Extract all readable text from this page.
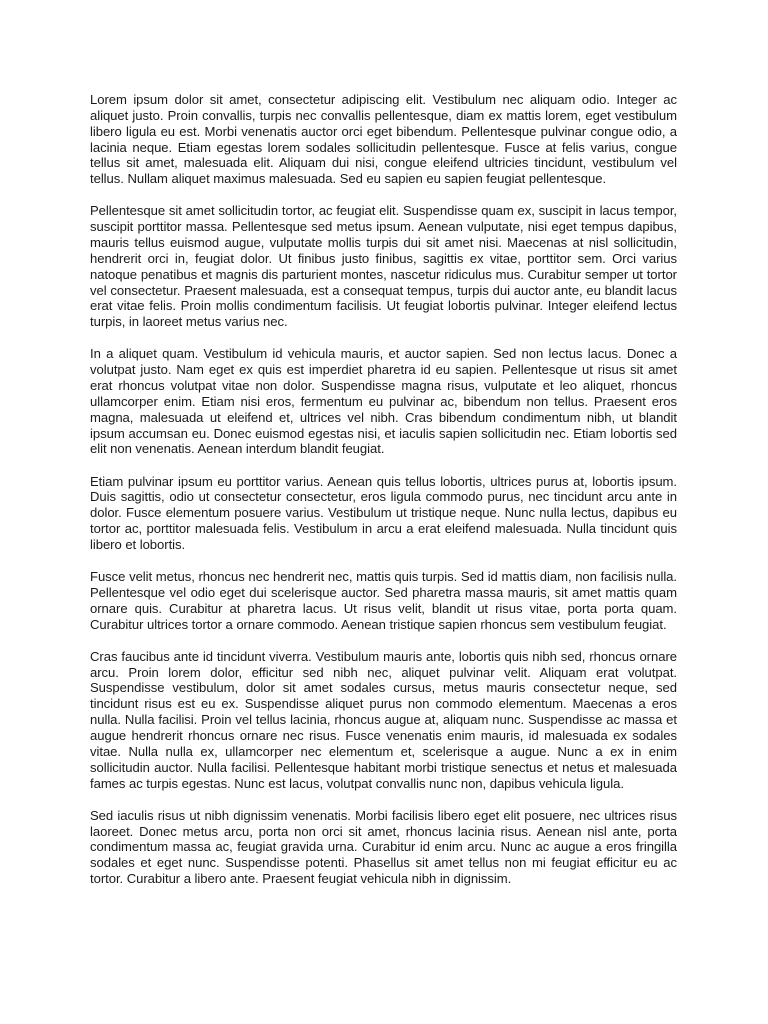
Lorem ipsum dolor sit amet, consectetur adipiscing elit. Vestibulum nec aliquam odio. Integer ac aliquet justo. Proin convallis, turpis nec convallis pellentesque, diam ex mattis lorem, eget vestibulum libero ligula eu est. Morbi venenatis auctor orci eget bibendum. Pellentesque pulvinar congue odio, a lacinia neque. Etiam egestas lorem sodales sollicitudin pellentesque. Fusce at felis varius, congue tellus sit amet, malesuada elit. Aliquam dui nisi, congue eleifend ultricies tincidunt, vestibulum vel tellus. Nullam aliquet maximus malesuada. Sed eu sapien eu sapien feugiat pellentesque.

Pellentesque sit amet sollicitudin tortor, ac feugiat elit. Suspendisse quam ex, suscipit in lacus tempor, suscipit porttitor massa. Pellentesque sed metus ipsum. Aenean vulputate, nisi eget tempus dapibus, mauris tellus euismod augue, vulputate mollis turpis dui sit amet nisi. Maecenas at nisl sollicitudin, hendrerit orci in, feugiat dolor. Ut finibus justo finibus, sagittis ex vitae, porttitor sem. Orci varius natoque penatibus et magnis dis parturient montes, nascetur ridiculus mus. Curabitur semper ut tortor vel consectetur. Praesent malesuada, est a consequat tempus, turpis dui auctor ante, eu blandit lacus erat vitae felis. Proin mollis condimentum facilisis. Ut feugiat lobortis pulvinar. Integer eleifend lectus turpis, in laoreet metus varius nec.

In a aliquet quam. Vestibulum id vehicula mauris, et auctor sapien. Sed non lectus lacus. Donec a volutpat justo. Nam eget ex quis est imperdiet pharetra id eu sapien. Pellentesque ut risus sit amet erat rhoncus volutpat vitae non dolor. Suspendisse magna risus, vulputate et leo aliquet, rhoncus ullamcorper enim. Etiam nisi eros, fermentum eu pulvinar ac, bibendum non tellus. Praesent eros magna, malesuada ut eleifend et, ultrices vel nibh. Cras bibendum condimentum nibh, ut blandit ipsum accumsan eu. Donec euismod egestas nisi, et iaculis sapien sollicitudin nec. Etiam lobortis sed elit non venenatis. Aenean interdum blandit feugiat.

Etiam pulvinar ipsum eu porttitor varius. Aenean quis tellus lobortis, ultrices purus at, lobortis ipsum. Duis sagittis, odio ut consectetur consectetur, eros ligula commodo purus, nec tincidunt arcu ante in dolor. Fusce elementum posuere varius. Vestibulum ut tristique neque. Nunc nulla lectus, dapibus eu tortor ac, porttitor malesuada felis. Vestibulum in arcu a erat eleifend malesuada. Nulla tincidunt quis libero et lobortis.

Fusce velit metus, rhoncus nec hendrerit nec, mattis quis turpis. Sed id mattis diam, non facilisis nulla. Pellentesque vel odio eget dui scelerisque auctor. Sed pharetra massa mauris, sit amet mattis quam ornare quis. Curabitur at pharetra lacus. Ut risus velit, blandit ut risus vitae, porta porta quam. Curabitur ultrices tortor a ornare commodo. Aenean tristique sapien rhoncus sem vestibulum feugiat.

Cras faucibus ante id tincidunt viverra. Vestibulum mauris ante, lobortis quis nibh sed, rhoncus ornare arcu. Proin lorem dolor, efficitur sed nibh nec, aliquet pulvinar velit. Aliquam erat volutpat. Suspendisse vestibulum, dolor sit amet sodales cursus, metus mauris consectetur neque, sed tincidunt risus est eu ex. Suspendisse aliquet purus non commodo elementum. Maecenas a eros nulla. Nulla facilisi. Proin vel tellus lacinia, rhoncus augue at, aliquam nunc. Suspendisse ac massa et augue hendrerit rhoncus ornare nec risus. Fusce venenatis enim mauris, id malesuada ex sodales vitae. Nulla nulla ex, ullamcorper nec elementum et, scelerisque a augue. Nunc a ex in enim sollicitudin auctor. Nulla facilisi. Pellentesque habitant morbi tristique senectus et netus et malesuada fames ac turpis egestas. Nunc est lacus, volutpat convallis nunc non, dapibus vehicula ligula.

Sed iaculis risus ut nibh dignissim venenatis. Morbi facilisis libero eget elit posuere, nec ultrices risus laoreet. Donec metus arcu, porta non orci sit amet, rhoncus lacinia risus. Aenean nisl ante, porta condimentum massa ac, feugiat gravida urna. Curabitur id enim arcu. Nunc ac augue a eros fringilla sodales et eget nunc. Suspendisse potenti. Phasellus sit amet tellus non mi feugiat efficitur eu ac tortor. Curabitur a libero ante. Praesent feugiat vehicula nibh in dignissim.
